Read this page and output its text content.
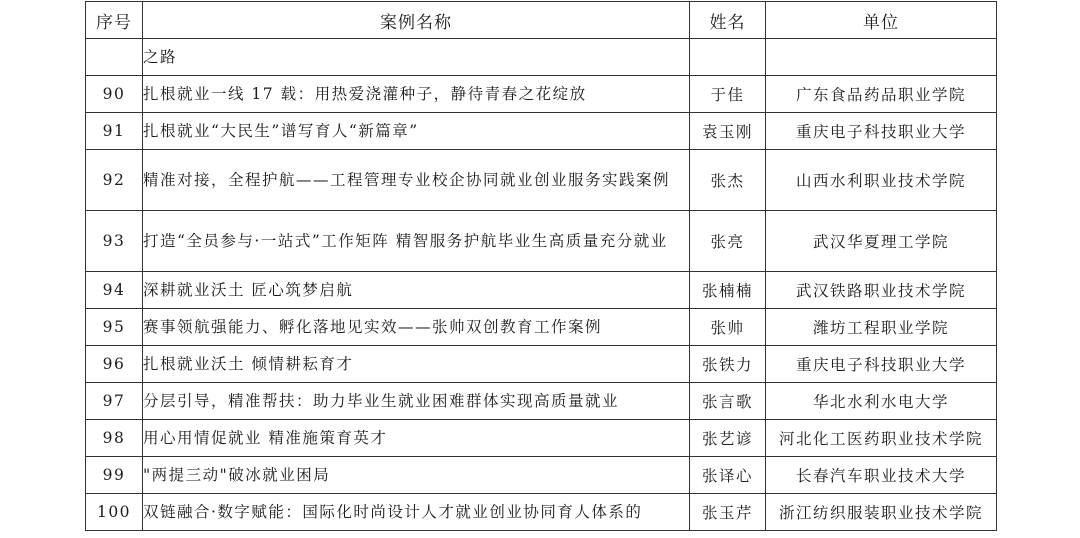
序号	案例名称	姓名	单位
	之路		
90	扎根就业一线 17 载：用热爱浇灌种子，静待青春之花绽放	于佳	广东食品药品职业学院
91	扎根就业“大民生”谱写育人“新篇章”	袁玉刚	重庆电子科技职业大学
92	精准对接，全程护航——工程管理专业校企协同就业创业服务实践案例	张杰	山西水利职业技术学院
93	打造“全员参与·一站式”工作矩阵 精智服务护航毕业生高质量充分就业	张亮	武汉华夏理工学院
94	深耕就业沃土 匠心筑梦启航	张楠楠	武汉铁路职业技术学院
95	赛事领航强能力、孵化落地见实效——张帅双创教育工作案例	张帅	潍坊工程职业学院
96	扎根就业沃土 倾情耕耘育才	张铁力	重庆电子科技职业大学
97	分层引导，精准帮扶：助力毕业生就业困难群体实现高质量就业	张言歌	华北水利水电大学
98	用心用情促就业 精准施策育英才	张艺谚	河北化工医药职业技术学院
99	"两提三动"破冰就业困局	张译心	长春汽车职业技术大学
100	双链融合·数字赋能：国际化时尚设计人才就业创业协同育人体系的	张玉芹	浙江纺织服装职业技术学院
